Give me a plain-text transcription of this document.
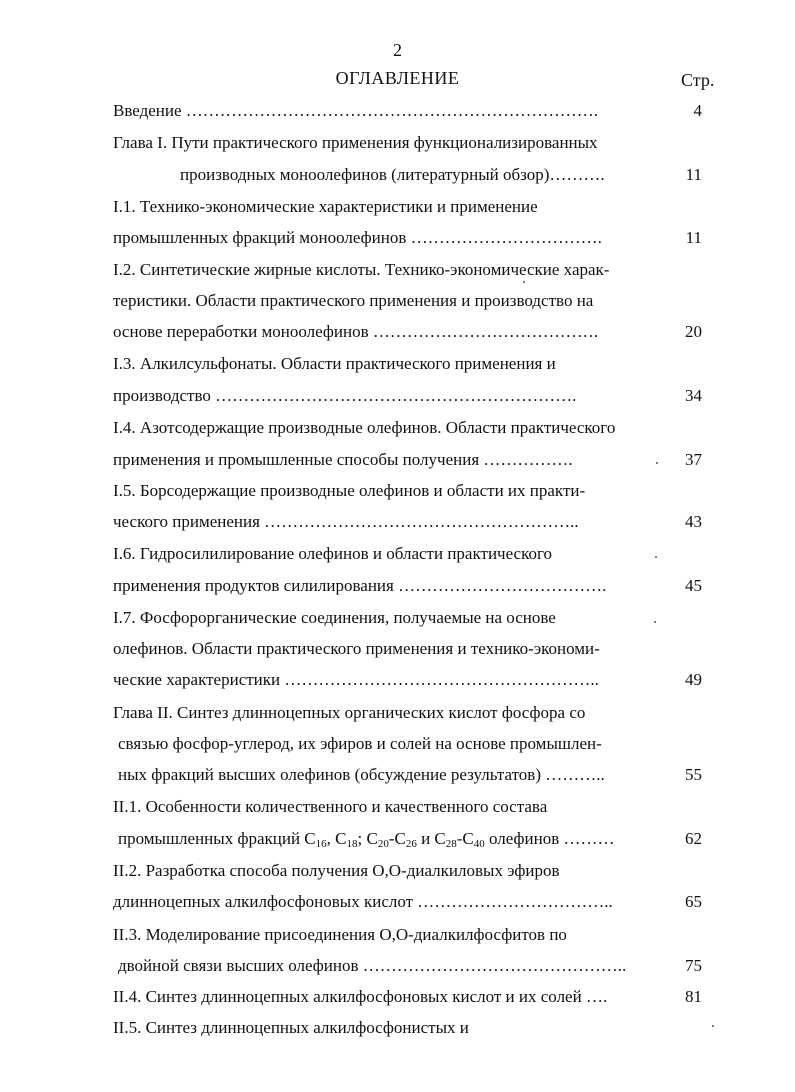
2
ОГЛАВЛЕНИЕ	Стр.
Введение ……………………………………………………………….	4
Глава I. Пути практического применения функционализированных
производных моноолефинов (литературный обзор)……….	11
I.1. Технико-экономические характеристики и применение
промышленных фракций моноолефинов …………………………….	11
I.2. Синтетические жирные кислоты. Технико-экономические харак-
теристики. Области практического применения и производство на
основе переработки моноолефинов ………………………………….	20
I.3. Алкилсульфонаты. Области практического применения и
производство ……………………………………………………….	34
I.4. Азотсодержащие производные олефинов. Области практического
применения и промышленные способы получения …………….	37
I.5. Борсодержащие производные олефинов и области их практи-
ческого применения ………………………………………………..	43
I.6. Гидросилилирование олефинов и области практического
применения продуктов силилирования ……………………………….	45
I.7. Фосфорорганические соединения, получаемые на основе
олефинов. Области практического применения и технико-экономи-
ческие характеристики ………………………………………………..	49
Глава II. Синтез длинноцепных органических кислот фосфора со
связью фосфор-углерод, их эфиров и солей на основе промышлен-
ных фракций высших олефинов (обсуждение результатов) ………..	55
II.1. Особенности количественного и качественного состава
промышленных фракций $C_{16}$, $C_{18}$; $C_{20}-C_{26}$ и $C_{28}-C_{40}$ олефинов ………	62
II.2. Разработка способа получения O,O-диалкиловых эфиров
длинноцепных алкилфосфоновых кислот ……………………………..	65
II.3. Моделирование присоединения O,O-диалкилфосфитов по
двойной связи высших олефинов ………………………………………..	75
II.4. Синтез длинноцепных алкилфосфоновых кислот и их солей ….	81
II.5. Синтез длинноцепных алкилфосфонистых и
